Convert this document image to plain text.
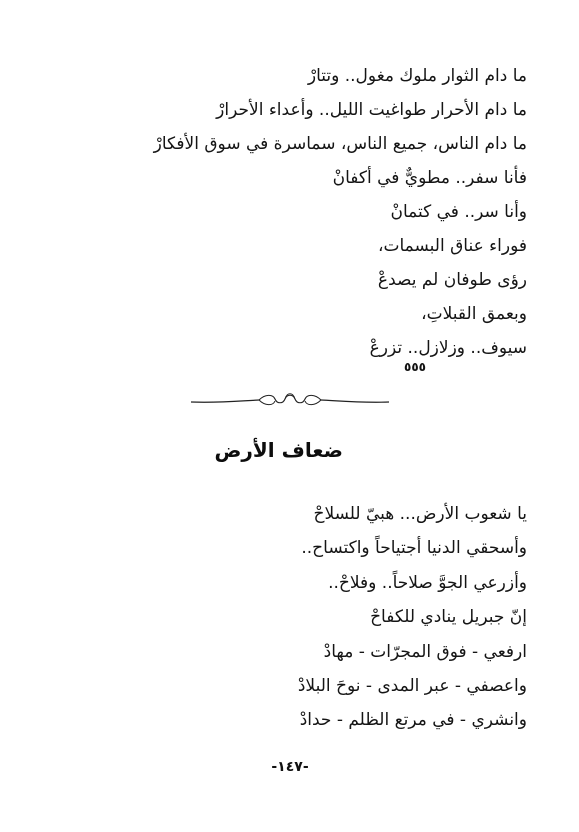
ما دام الثوار ملوك مغول.. وتتارْ
ما دام الأحرار طواغيت الليل.. وأعداء الأحرارْ
ما دام الناس، جميع الناس، سماسرة في سوق الأفكارْ
فأنا سفر.. مطويٌّ في أكفانْ
وأنا سر.. في كتمانْ
فوراء عناق البسمات،
رؤى طوفان لم يصدعْ
وبعمق القبلاتِ،
سيوف.. وزلازل.. تزرعْ
٥٥٥
ضعاف الأرض
يا شعوب الأرض... هبيّ للسلاحْ
وأسحقي الدنيا أجتياحاً واكتساح..
وأزرعي الجوَّ صلاحاً.. وفلاحْ..
إنّ جبريل ينادي للكفاحْ
ارفعي - فوق المجرّات - مهادْ
واعصفي - عبر المدى - نوحَ البلادْ
وانشري - في مرتع الظلم - حدادْ
-١٤٧-
